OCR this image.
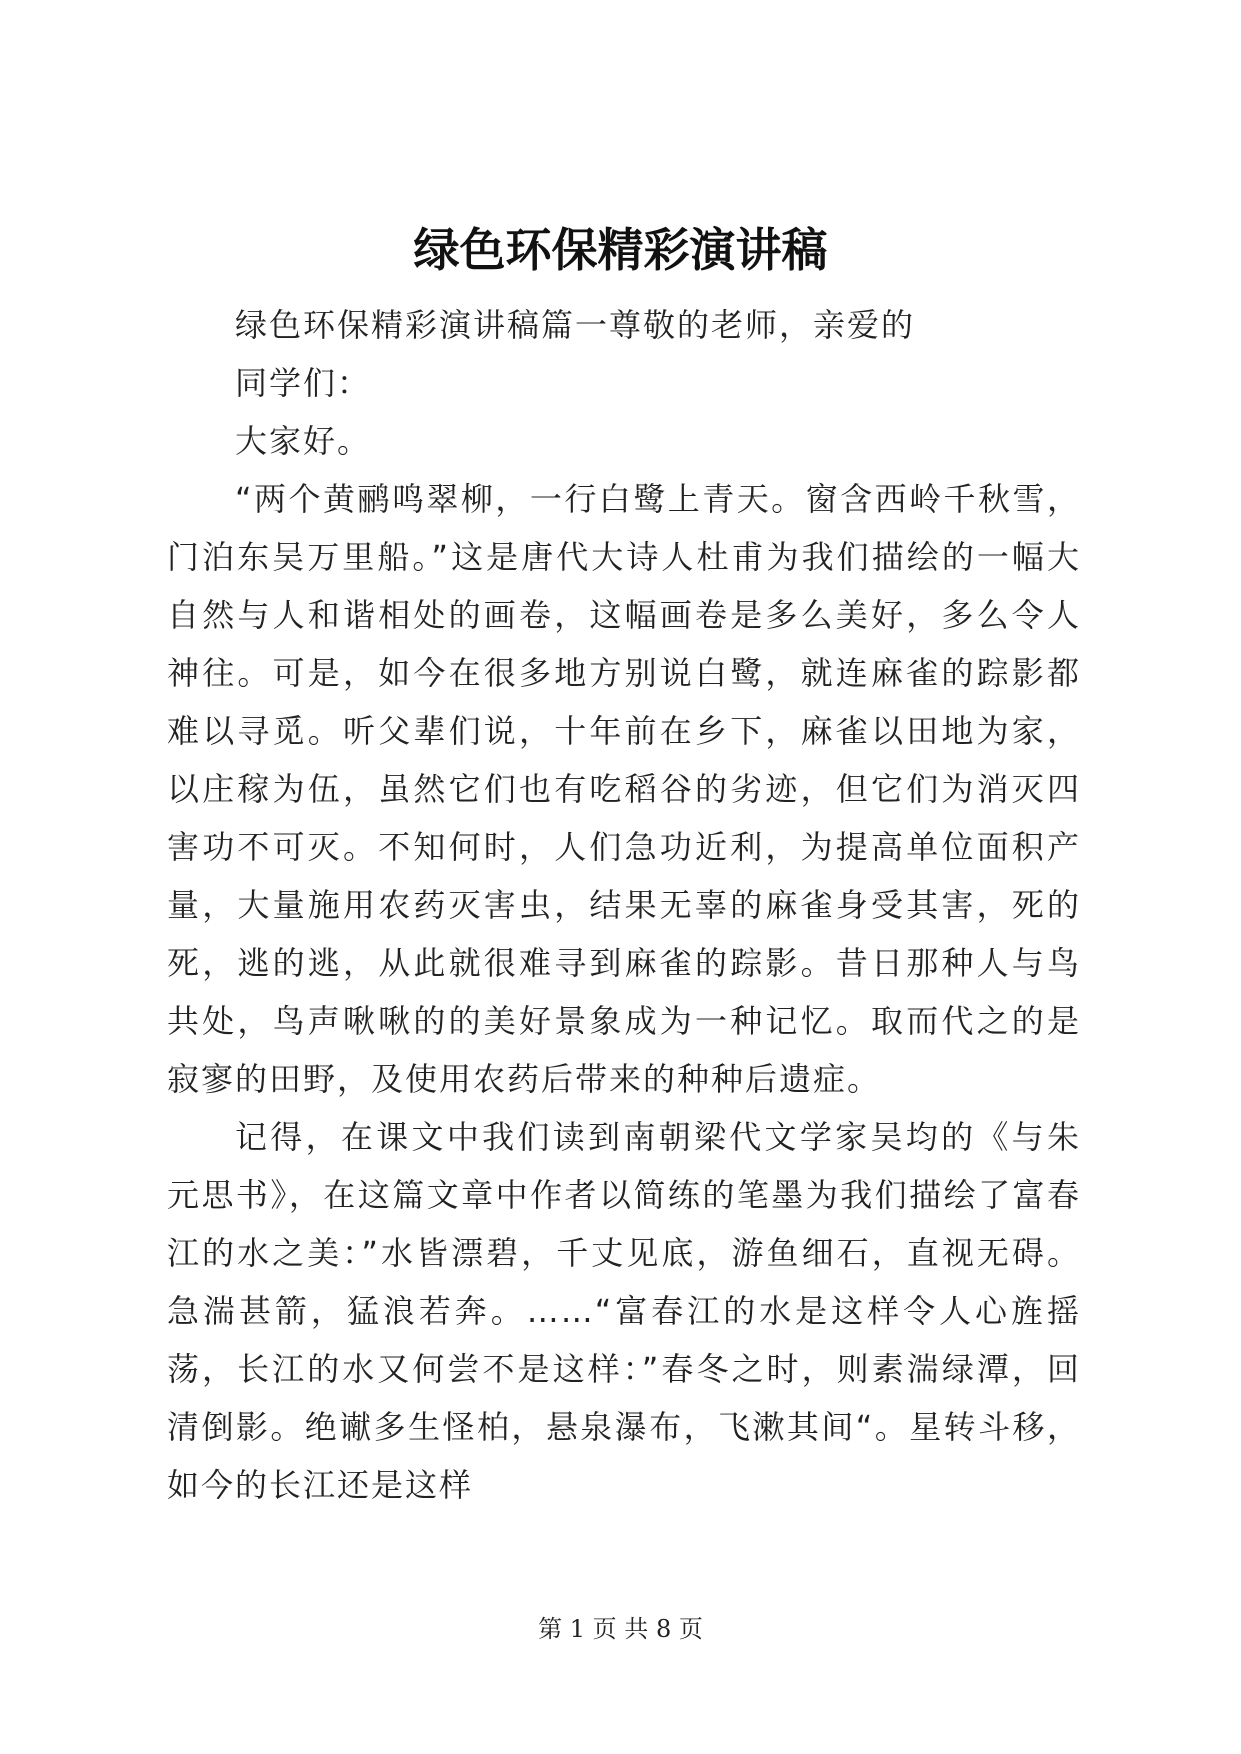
绿色环保精彩演讲稿

绿色环保精彩演讲稿篇一尊敬的老师，亲爱的

同学们：

大家好。

“两个黄鹂鸣翠柳，一行白鹭上青天。窗含西岭千秋雪，门泊东吴万里船。”这是唐代大诗人杜甫为我们描绘的一幅大自然与人和谐相处的画卷，这幅画卷是多么美好，多么令人神往。可是，如今在很多地方别说白鹭，就连麻雀的踪影都难以寻觅。听父辈们说，十年前在乡下，麻雀以田地为家，以庄稼为伍，虽然它们也有吃稻谷的劣迹，但它们为消灭四害功不可灭。不知何时，人们急功近利，为提高单位面积产量，大量施用农药灭害虫，结果无辜的麻雀身受其害，死的死，逃的逃，从此就很难寻到麻雀的踪影。昔日那种人与鸟共处，鸟声啾啾的的美好景象成为一种记忆。取而代之的是寂寥的田野，及使用农药后带来的种种后遗症。

记得，在课文中我们读到南朝梁代文学家吴均的《与朱元思书》，在这篇文章中作者以简练的笔墨为我们描绘了富春江的水之美：”水皆漂碧，千丈见底，游鱼细石，直视无碍。急湍甚箭，猛浪若奔。……“富春江的水是这样令人心旌摇荡，长江的水又何尝不是这样：”春冬之时，则素湍绿潭，回清倒影。绝谳多生怪柏，悬泉瀑布，飞漱其间“。星转斗移，如今的长江还是这样

第 1 页 共 8 页
